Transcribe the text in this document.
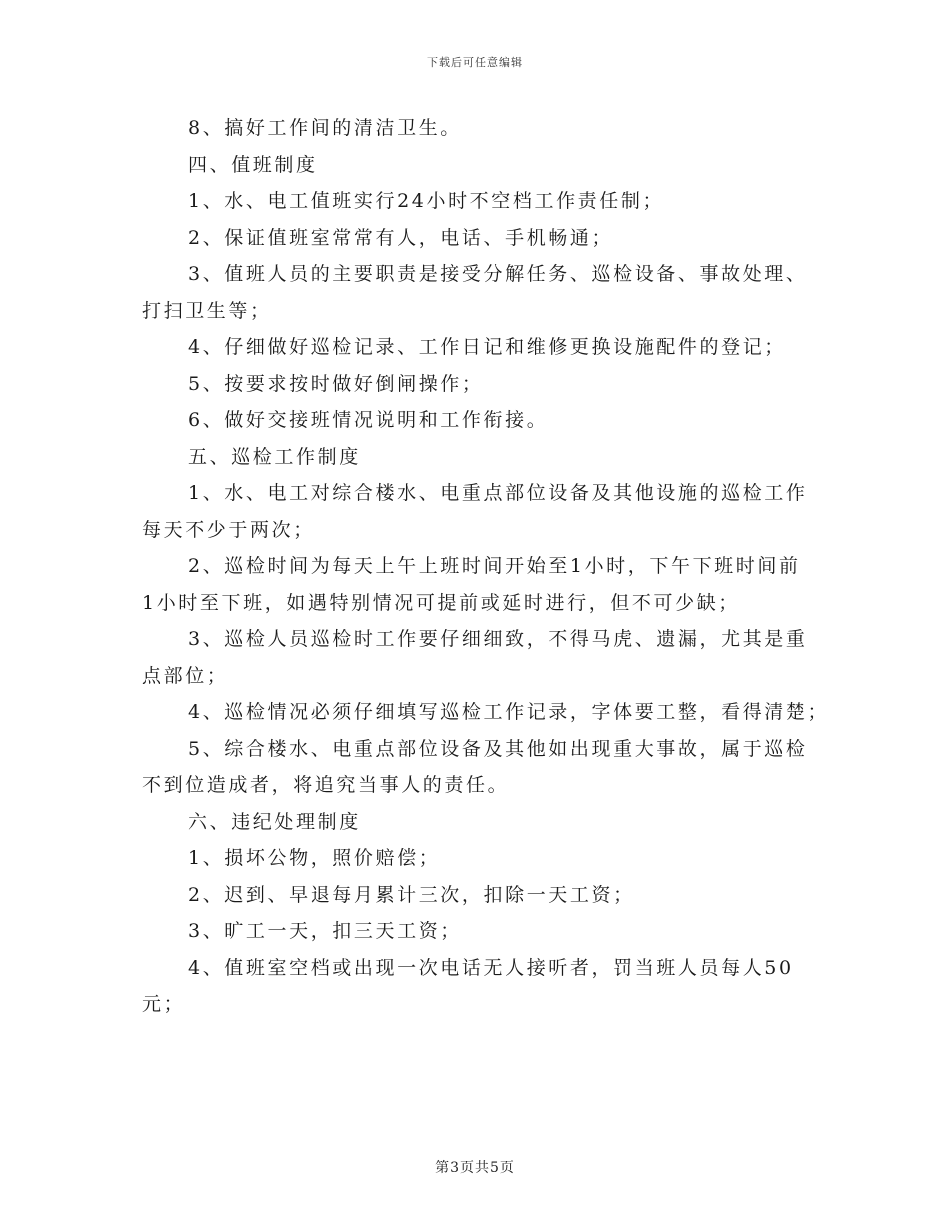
下载后可任意编辑

8、搞好工作间的清洁卫生。

四、值班制度

1、水、电工值班实行24小时不空档工作责任制；

2、保证值班室常常有人，电话、手机畅通；

3、值班人员的主要职责是接受分解任务、巡检设备、事故处理、

打扫卫生等；

4、仔细做好巡检记录、工作日记和维修更换设施配件的登记；

5、按要求按时做好倒闸操作；

6、做好交接班情况说明和工作衔接。

五、巡检工作制度

1、水、电工对综合楼水、电重点部位设备及其他设施的巡检工作

每天不少于两次；

2、巡检时间为每天上午上班时间开始至1小时，下午下班时间前

1小时至下班，如遇特别情况可提前或延时进行，但不可少缺；

3、巡检人员巡检时工作要仔细细致，不得马虎、遗漏，尤其是重

点部位；

4、巡检情况必须仔细填写巡检工作记录，字体要工整，看得清楚；

5、综合楼水、电重点部位设备及其他如出现重大事故，属于巡检

不到位造成者，将追究当事人的责任。

六、违纪处理制度

1、损坏公物，照价赔偿；

2、迟到、早退每月累计三次，扣除一天工资；

3、旷工一天，扣三天工资；

4、值班室空档或出现一次电话无人接听者，罚当班人员每人50

元；

第3页共5页
